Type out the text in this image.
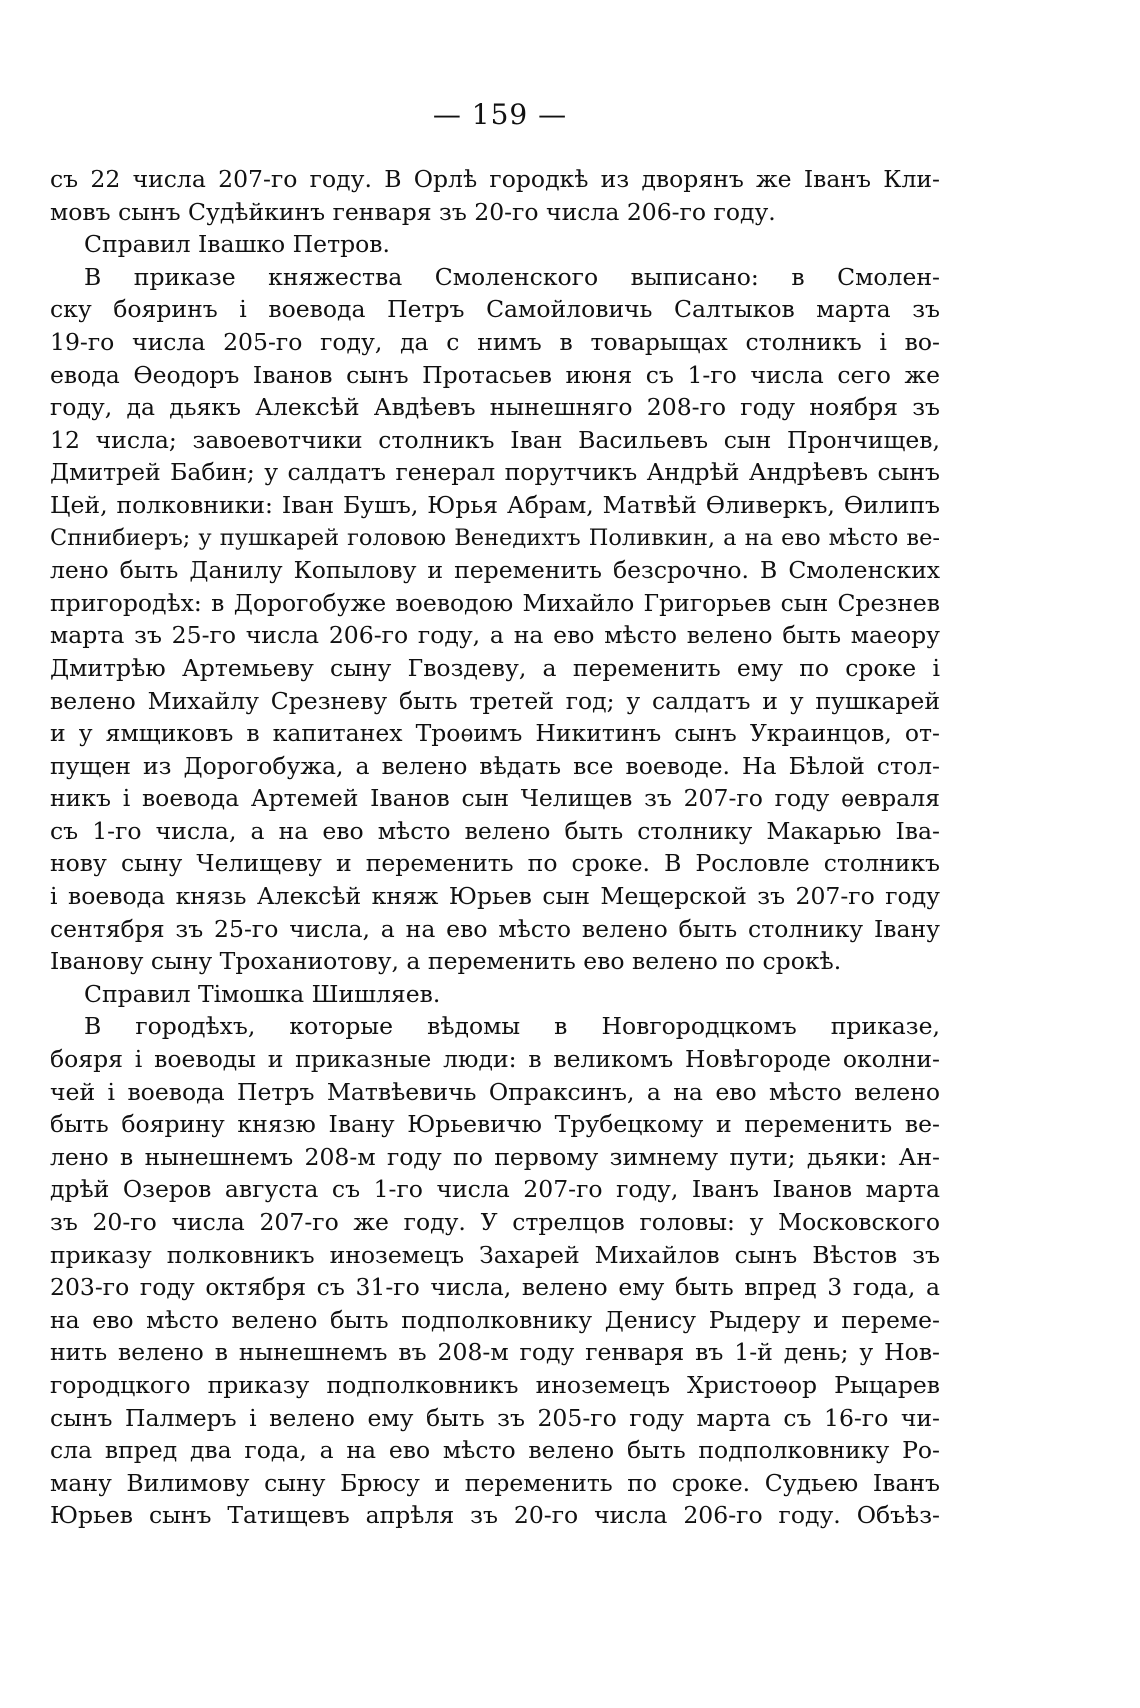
— 159 —
съ 22 числа 207-го году. В Орлѣ городкѣ из дворянъ же Іванъ Кли-
мовъ сынъ Судѣйкинъ генваря зъ 20-го числа 206-го году.
Справил Івашко Петров.
В приказе княжества Смоленского выписано: в Смолен-
ску бояринъ і воевода Петръ Самойловичь Салтыков марта зъ
19-го числа 205-го году, да с нимъ в товарыщах столникъ і во-
евода Ѳеодоръ Іванов сынъ Протасьев июня съ 1-го числа сего же
году, да дьякъ Алексѣй Авдѣевъ нынешняго 208-го году ноября зъ
12 числа; завоевотчики столникъ Іван Васильевъ сын Прончищев,
Дмитрей Бабин; у салдатъ генерал порутчикъ Андрѣй Андрѣевъ сынъ
Цей, полковники: Іван Бушъ, Юрья Абрам, Матвѣй Ѳливеркъ, Ѳилипъ
Спнибиеръ; у пушкарей головою Венедихтъ Поливкин, а на ево мѣсто ве-
лено быть Данилу Копылову и переменить безсрочно. В Смоленских
пригородѣх: в Дорогобуже воеводою Михайло Григорьев сын Срезнев
марта зъ 25-го числа 206-го году, а на ево мѣсто велено быть маеору
Дмитрѣю Артемьеву сыну Гвоздеву, а переменить ему по сроке і
велено Михайлу Срезневу быть третей год; у салдатъ и у пушкарей
и у ямщиковъ в капитанех Троѳимъ Никитинъ сынъ Украинцов, от-
пущен из Дорогобужа, а велено вѣдать все воеводе. На Бѣлой стол-
никъ і воевода Артемей Іванов сын Челищев зъ 207-го году ѳевраля
съ 1-го числа, а на ево мѣсто велено быть столнику Макарью Іва-
нову сыну Челищеву и переменить по сроке. В Рословле столникъ
і воевода князь Алексѣй княж Юрьев сын Мещерской зъ 207-го году
сентября зъ 25-го числа, а на ево мѣсто велено быть столнику Івану
Іванову сыну Троханиотову, а переменить ево велено по срокѣ.
Справил Тімошка Шишляев.
В городѣхъ, которые вѣдомы в Новгородцкомъ приказе,
бояря і воеводы и приказные люди: в великомъ Новѣгороде околни-
чей і воевода Петръ Матвѣевичь Опраксинъ, а на ево мѣсто велено
быть боярину князю Івану Юрьевичю Трубецкому и переменить ве-
лено в нынешнемъ 208-м году по первому зимнему пути; дьяки: Ан-
дрѣй Озеров августа съ 1-го числа 207-го году, Іванъ Іванов марта
зъ 20-го числа 207-го же году. У стрелцов головы: у Московского
приказу полковникъ иноземецъ Захарей Михайлов сынъ Вѣстов зъ
203-го году октября съ 31-го числа, велено ему быть впред 3 года, а
на ево мѣсто велено быть подполковнику Денису Рыдеру и переме-
нить велено в нынешнемъ въ 208-м году генваря въ 1-й день; у Нов-
городцкого приказу подполковникъ иноземецъ Христоѳор Рыцарев
сынъ Палмеръ і велено ему быть зъ 205-го году марта съ 16-го чи-
сла впред два года, а на ево мѣсто велено быть подполковнику Ро-
ману Вилимову сыну Брюсу и переменить по сроке. Судьею Іванъ
Юрьев сынъ Татищевъ апрѣля зъ 20-го числа 206-го году. Объѣз-
